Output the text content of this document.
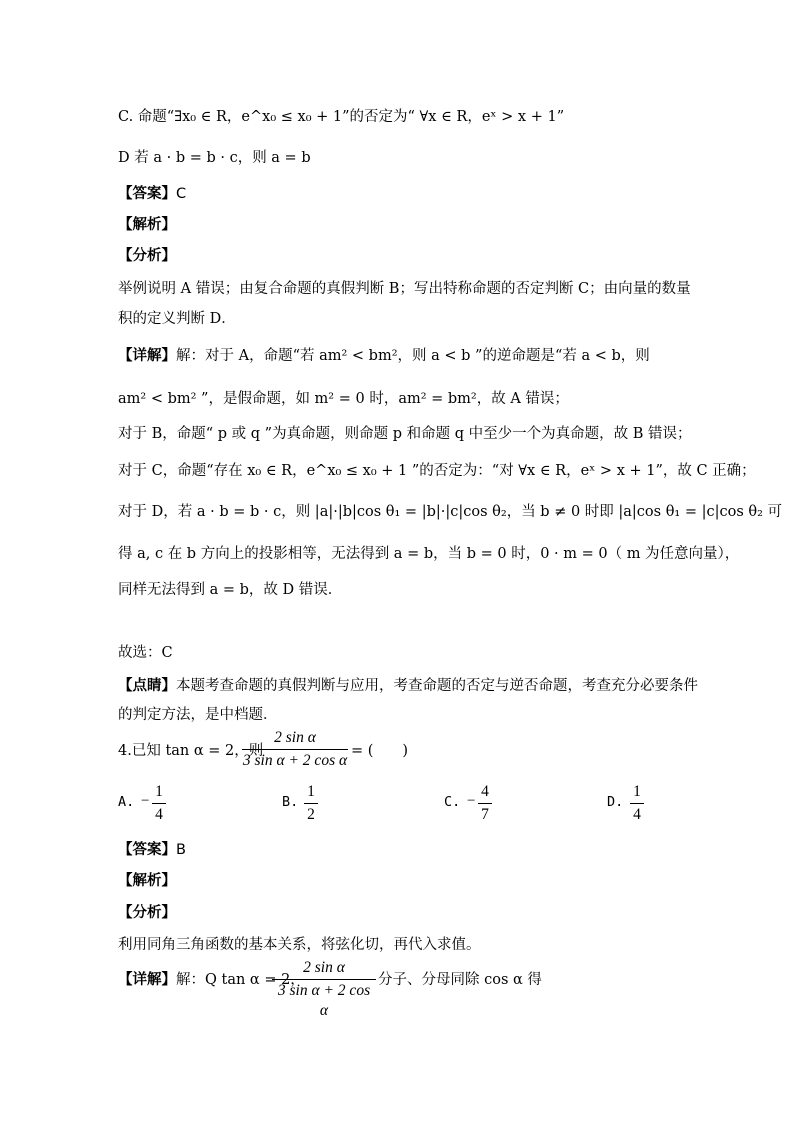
C. 命题“∃x₀ ∈ R，e^x₀ ≤ x₀ + 1”的否定为“ ∀x ∈ R，eˣ > x + 1”
D 若 a · b = b · c，则 a = b
【答案】C
【解析】
【分析】
举例说明 A 错误；由复合命题的真假判断 B；写出特称命题的否定判断 C；由向量的数量
积的定义判断 D．
【详解】解：对于 A，命题“若 am² < bm²，则 a < b ”的逆命题是“若 a < b，则
am² < bm² ”，是假命题，如 m² = 0 时，am² = bm²，故 A 错误；
对于 B，命题“ p 或 q ”为真命题，则命题 p 和命题 q 中至少一个为真命题，故 B 错误；
对于 C，命题“存在 x₀ ∈ R，e^x₀ ≤ x₀ + 1 ”的否定为：“对 ∀x ∈ R，eˣ > x + 1”，故 C 正确；
对于 D，若 a · b = b · c，则 |a|·|b|cos θ₁ = |b|·|c|cos θ₂，当 b ≠ 0 时即 |a|cos θ₁ = |c|cos θ₂ 可
得 a, c 在 b 方向上的投影相等，无法得到 a = b，当 b = 0 时，0 · m = 0（ m 为任意向量），
同样无法得到 a = b，故 D 错误．
故选：C
【点睛】本题考查命题的真假判断与应用，考查命题的否定与逆否命题，考查充分必要条件
的判定方法，是中档题．
4.已知 tan α = 2，则
2 sin α
3 sin α + 2 cos α
= (　　)
A. −
1
4
B.
1
2
C. −
4
7
D.
1
4
【答案】B
【解析】
【分析】
利用同角三角函数的基本关系，将弦化切，再代入求值。
【详解】解：Q tan α = 2，
2 sin α
3 sin α + 2 cos α
分子、分母同除 cos α 得
